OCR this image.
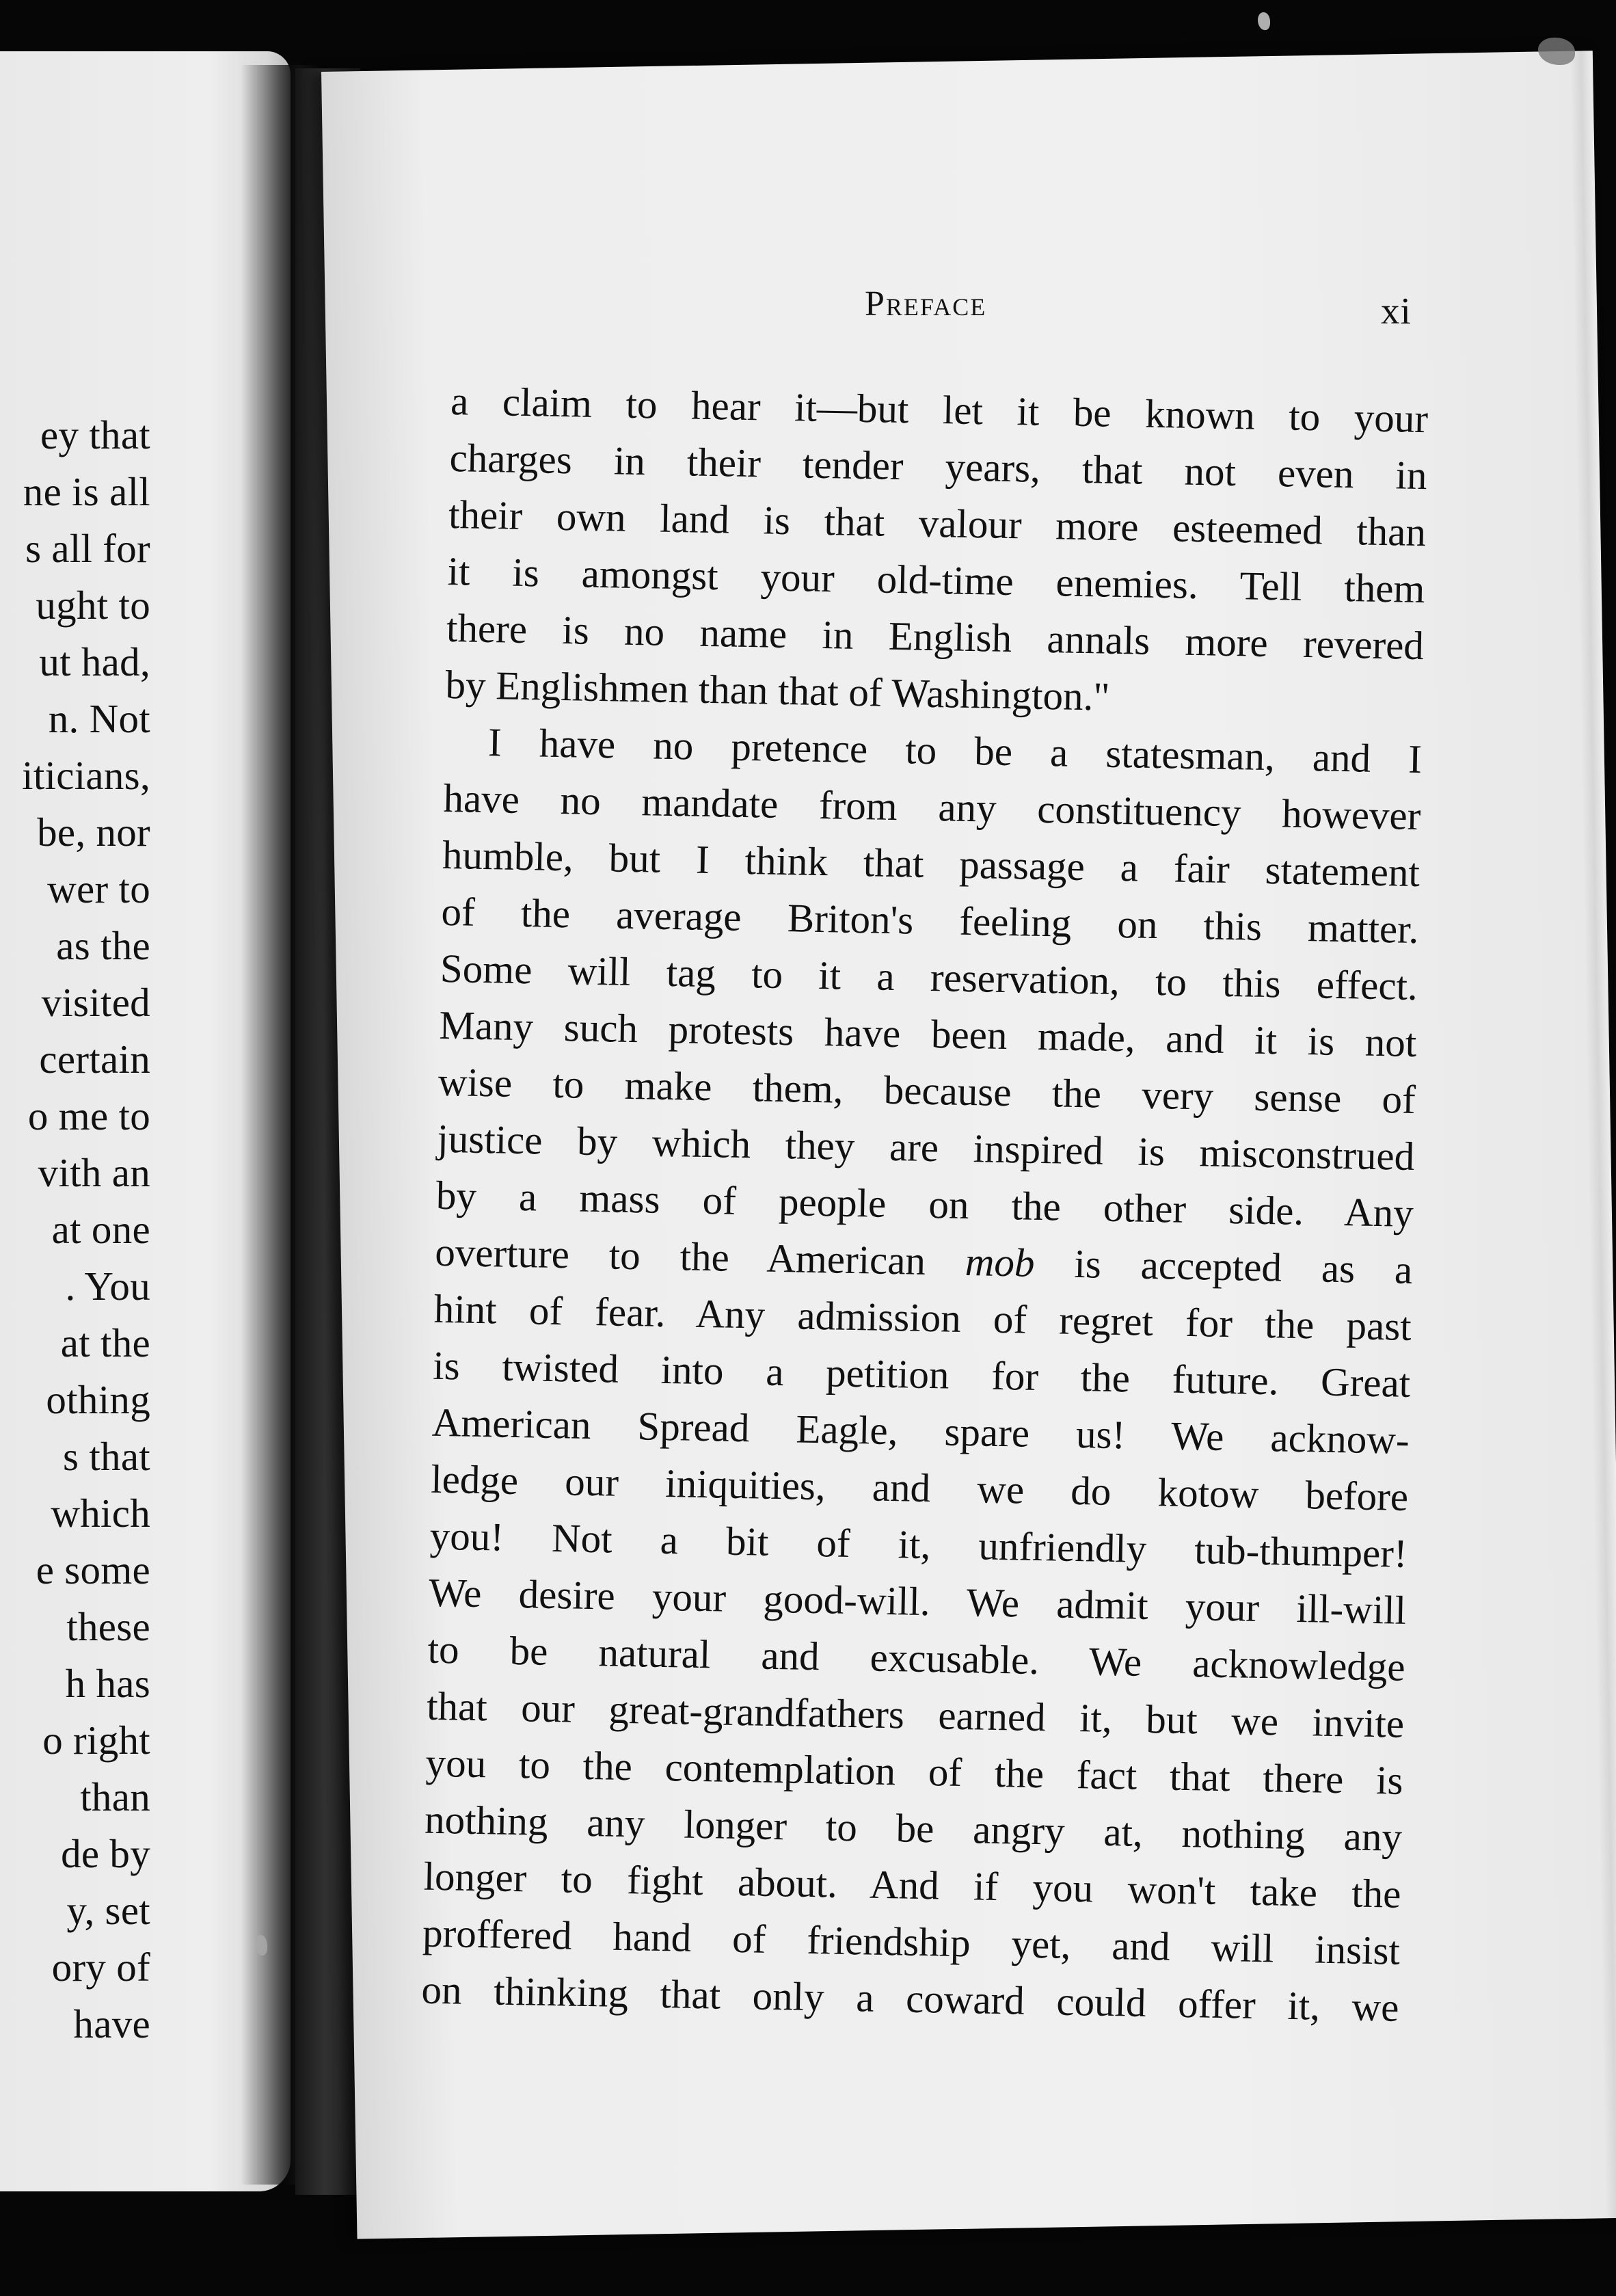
ey that
ne is all
s all for
ught to
ut had,
n. Not
iticians,
be, nor
wer to
as the
visited
certain
o me to
vith an
at one
. You
at the
othing
s that
which
e some
these
h has
o right
than
de by
y, set
ory of
have
Preface	xi
a claim to hear it—but let it be known to your
charges in their tender years, that not even in
their own land is that valour more esteemed than
it is amongst your old-time enemies. Tell them
there is no name in English annals more revered
by Englishmen than that of Washington."
I have no pretence to be a statesman, and I
have no mandate from any constituency however
humble, but I think that passage a fair statement
of the average Briton's feeling on this matter.
Some will tag to it a reservation, to this effect.
Many such protests have been made, and it is not
wise to make them, because the very sense of
justice by which they are inspired is misconstrued
by a mass of people on the other side. Any
overture to the American mob is accepted as a
hint of fear. Any admission of regret for the past
is twisted into a petition for the future. Great
American Spread Eagle, spare us! We acknow-
ledge our iniquities, and we do kotow before
you! Not a bit of it, unfriendly tub-thumper!
We desire your good-will. We admit your ill-will
to be natural and excusable. We acknowledge
that our great-grandfathers earned it, but we invite
you to the contemplation of the fact that there is
nothing any longer to be angry at, nothing any
longer to fight about. And if you won't take the
proffered hand of friendship yet, and will insist
on thinking that only a coward could offer it, we
